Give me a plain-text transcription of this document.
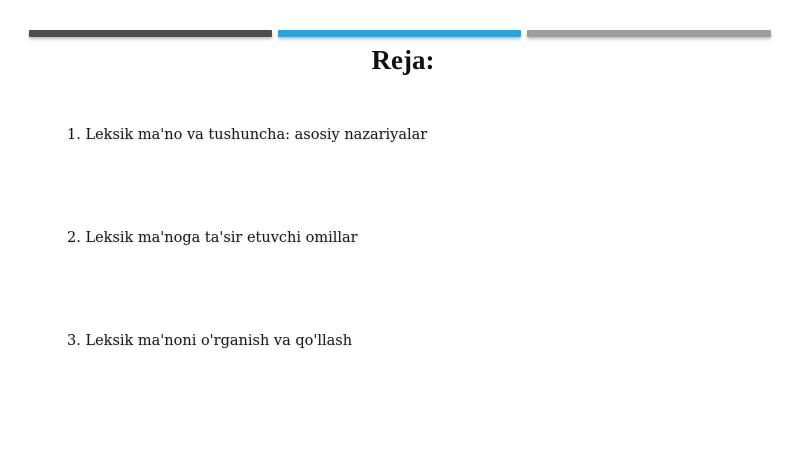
Reja:
1. Leksik ma'no va tushuncha: asosiy nazariyalar
2. Leksik ma'noga ta'sir etuvchi omillar
3. Leksik ma'noni o'rganish va qo'llash
